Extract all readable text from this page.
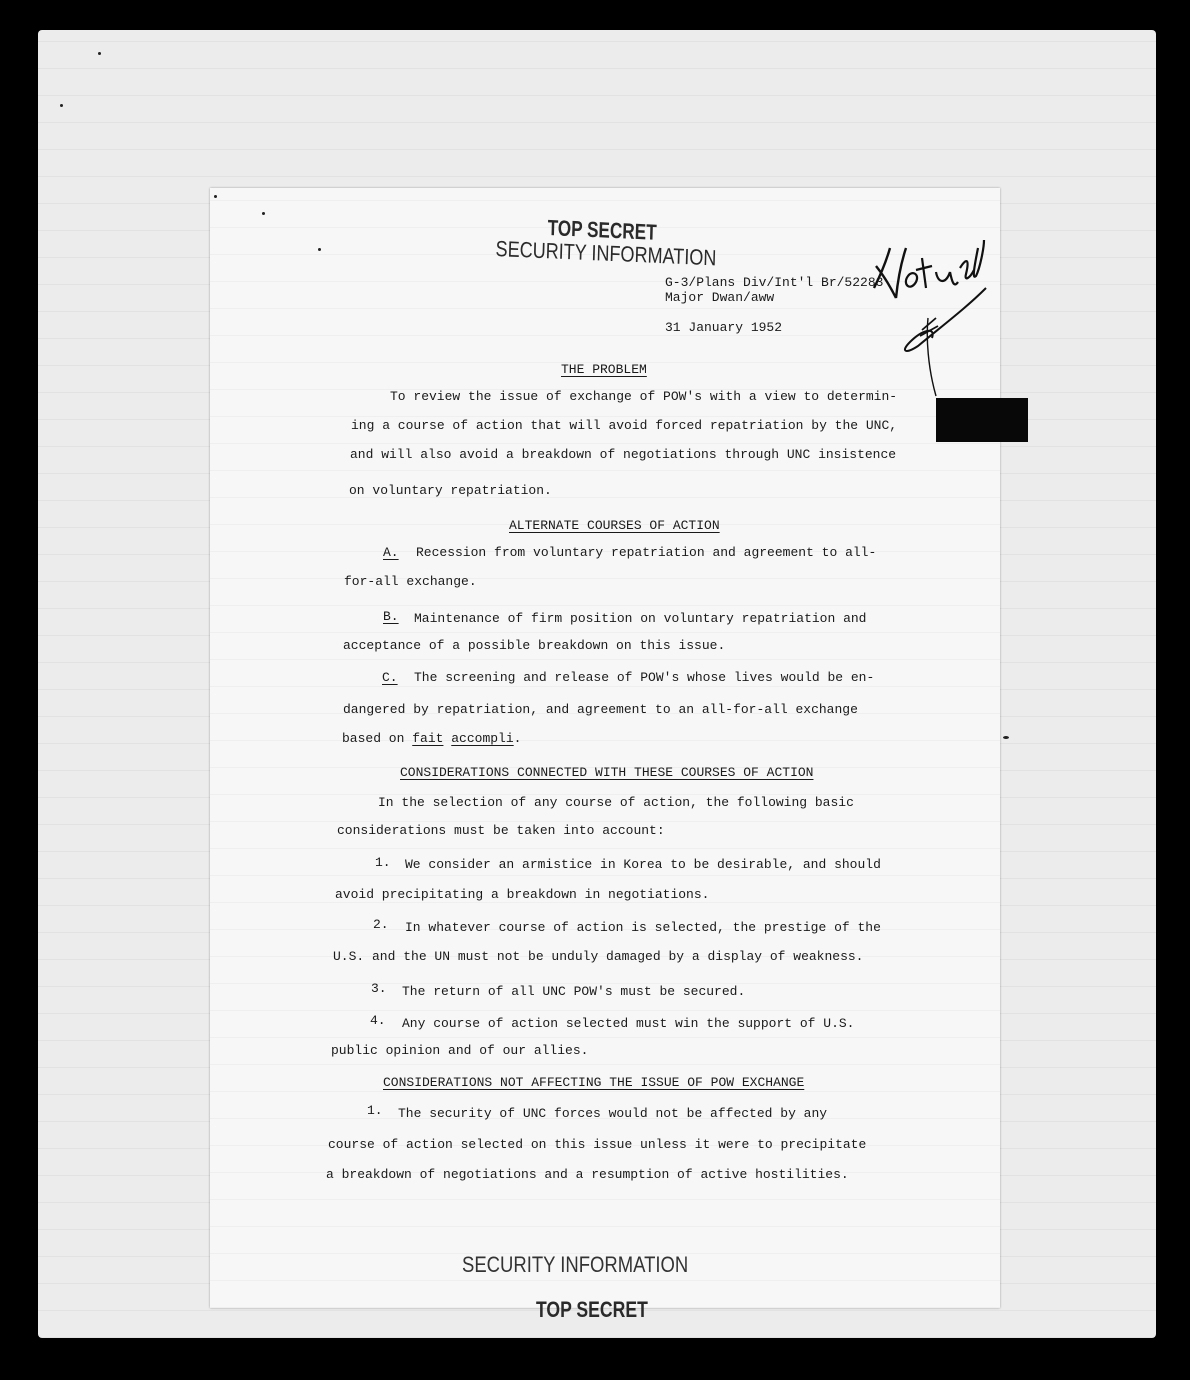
TOP SECRET
SECURITY INFORMATION
G-3/Plans Div/Int'l Br/52283
Major Dwan/aww
31 January 1952
THE PROBLEM
To review the issue of exchange of POW's with a view to determin-
ing a course of action that will avoid forced repatriation by the UNC,
and will also avoid a breakdown of negotiations through UNC insistence
on voluntary repatriation.
ALTERNATE COURSES OF ACTION
A. Recession from voluntary repatriation and agreement to all-
for-all exchange.
B. Maintenance of firm position on voluntary repatriation and
acceptance of a possible breakdown on this issue.
C. The screening and release of POW's whose lives would be en-
dangered by repatriation, and agreement to an all-for-all exchange
based on fait accompli.
CONSIDERATIONS CONNECTED WITH THESE COURSES OF ACTION
In the selection of any course of action, the following basic
considerations must be taken into account:
1. We consider an armistice in Korea to be desirable, and should
avoid precipitating a breakdown in negotiations.
2. In whatever course of action is selected, the prestige of the
U.S. and the UN must not be unduly damaged by a display of weakness.
3. The return of all UNC POW's must be secured.
4. Any course of action selected must win the support of U.S.
public opinion and of our allies.
CONSIDERATIONS NOT AFFECTING THE ISSUE OF POW EXCHANGE
1. The security of UNC forces would not be affected by any
course of action selected on this issue unless it were to precipitate
a breakdown of negotiations and a resumption of active hostilities.
SECURITY INFORMATION
TOP SECRET
